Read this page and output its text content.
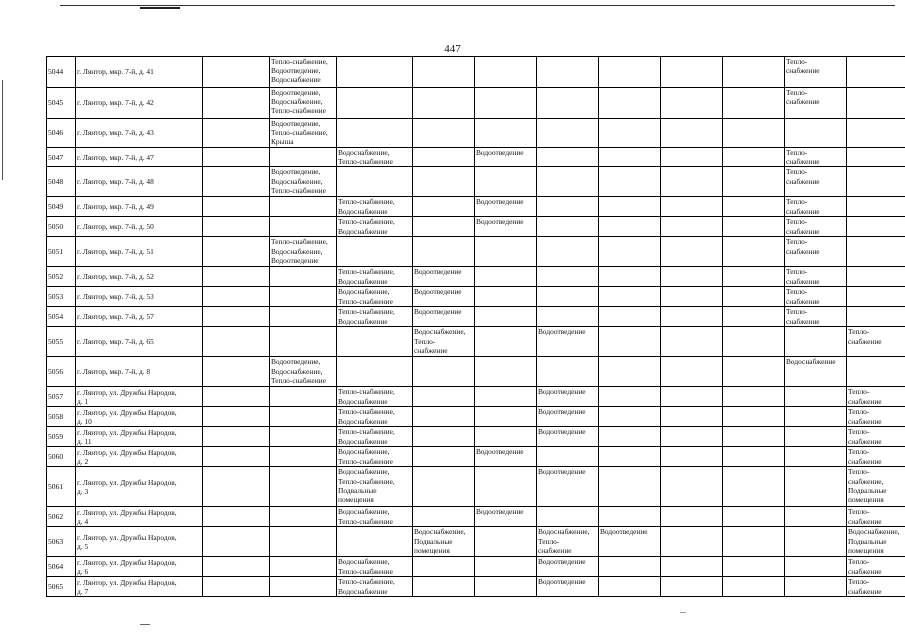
447
5044	г. Лянтор, мкр. 7-й, д. 41		Тепло-снабжение,
Водоотведение,
Водоснабжение								Тепло-
снабжение	
5045	г. Лянтор, мкр. 7-й, д. 42		Водоотведение,
Водоснабжение,
Тепло-снабжение								Тепло-
снабжение	
5046	г. Лянтор, мкр. 7-й, д. 43		Водоотведение,
Тепло-снабжение,
Крыша									
5047	г. Лянтор, мкр. 7-й, д. 47			Водоснабжение,
Тепло-снабжение		Водоотведение					Тепло-
снабжение	
5048	г. Лянтор, мкр. 7-й, д. 48		Водоотведение,
Водоснабжение,
Тепло-снабжение								Тепло-
снабжение	
5049	г. Лянтор, мкр. 7-й, д. 49			Тепло-снабжение,
Водоснабжение		Водоотведение					Тепло-
снабжение	
5050	г. Лянтор, мкр. 7-й, д. 50			Тепло-снабжение,
Водоснабжение		Водоотведение					Тепло-
снабжение	
5051	г. Лянтор, мкр. 7-й, д. 51		Тепло-снабжение,
Водоснабжение,
Водоотведение								Тепло-
снабжение	
5052	г. Лянтор, мкр. 7-й, д. 52			Тепло-снабжение,
Водоснабжение	Водоотведение						Тепло-
снабжение	
5053	г. Лянтор, мкр. 7-й, д. 53			Водоснабжение,
Тепло-снабжение	Водоотведение						Тепло-
снабжение	
5054	г. Лянтор, мкр. 7-й, д. 57			Тепло-снабжение,
Водоснабжение	Водоотведение						Тепло-
снабжение	
5055	г. Лянтор, мкр. 7-й, д. 65				Водоснабжение,
Тепло-
снабжение		Водоотведение					Тепло-
снабжение
5056	г. Лянтор, мкр. 7-й, д. 8		Водоотведение,
Водоснабжение,
Тепло-снабжение								Водоснабжение	
5057	г. Лянтор, ул. Дружбы Народов,
д. 1			Тепло-снабжение,
Водоснабжение			Водоотведение					Тепло-
снабжение
5058	г. Лянтор, ул. Дружбы Народов,
д. 10			Тепло-снабжение,
Водоснабжение			Водоотведение					Тепло-
снабжение
5059	г. Лянтор, ул. Дружбы Народов,
д. 11			Тепло-снабжение,
Водоснабжение			Водоотведение					Тепло-
снабжение
5060	г. Лянтор, ул. Дружбы Народов,
д. 2			Водоснабжение,
Тепло-снабжение		Водоотведение						Тепло-
снабжение
5061	г. Лянтор, ул. Дружбы Народов,
д. 3			Водоснабжение,
Тепло-снабжение,
Подвальные
помещения			Водоотведение					Тепло-
снабжение,
Подвальные
помещения
5062	г. Лянтор, ул. Дружбы Народов,
д. 4			Водоснабжение,
Тепло-снабжение		Водоотведение						Тепло-
снабжение
5063	г. Лянтор, ул. Дружбы Народов,
д. 5				Водоснабжение,
Подвальные
помещения		Водоснабжение,
Тепло-
снабжение	Водоотведение				Водоснабжение,
Подвальные
помещения
5064	г. Лянтор, ул. Дружбы Народов,
д. 6			Водоснабжение,
Тепло-снабжение			Водоотведение					Тепло-
снабжение
5065	г. Лянтор, ул. Дружбы Народов,
д. 7			Тепло-снабжение,
Водоснабжение			Водоотведение					Тепло-
снабжение
